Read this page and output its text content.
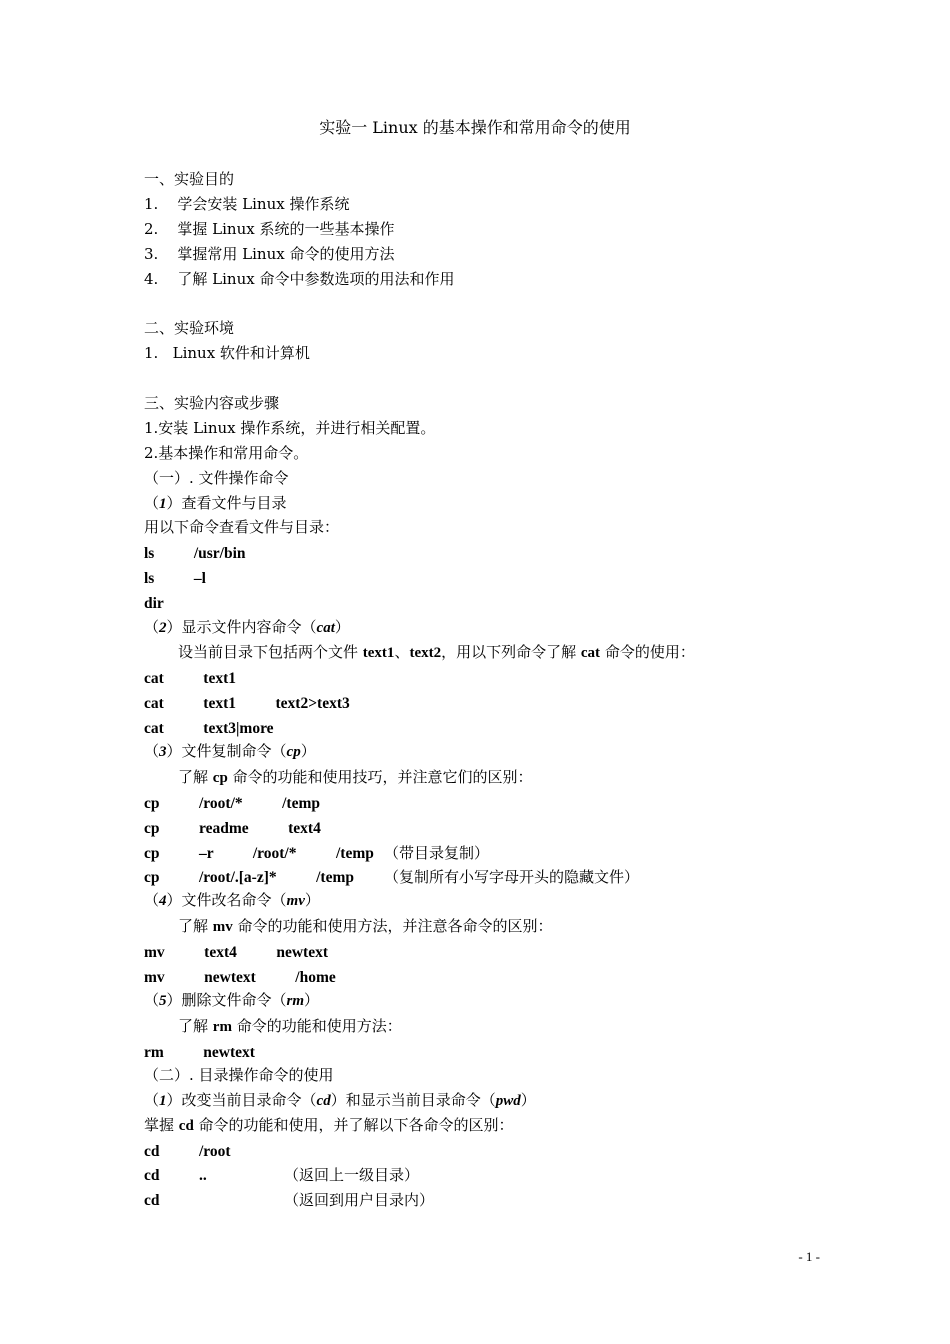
实验一 Linux 的基本操作和常用命令的使用
一、实验目的
1.    学会安装 Linux 操作系统
2.    掌握 Linux 系统的一些基本操作
3.    掌握常用 Linux 命令的使用方法
4.    了解 Linux 命令中参数选项的用法和作用
二、实验环境
1.   Linux 软件和计算机
三、实验内容或步骤
1.安装 Linux 操作系统，并进行相关配置。
2.基本操作和常用命令。
（一）. 文件操作命令
（1）查看文件与目录
用以下命令查看文件与目录：
ls    /usr/bin
ls    –l
dir
（2）显示文件内容命令（cat）
设当前目录下包括两个文件 text1、text2，用以下列命令了解 cat 命令的使用：
cat    text1
cat    text1    text2>text3
cat    text3|more
（3）文件复制命令（cp）
了解 cp 命令的功能和使用技巧，并注意它们的区别：
cp    /root/*    /temp
cp    readme    text4
cp    –r    /root/*    /temp （带目录复制）
cp    /root/.[a-z]*    /temp （复制所有小写字母开头的隐藏文件）
（4）文件改名命令（mv）
了解 mv 命令的功能和使用方法，并注意各命令的区别：
mv    text4    newtext
mv    newtext    /home
（5）删除文件命令（rm）
了解 rm 命令的功能和使用方法：
rm    newtext
（二）. 目录操作命令的使用
（1）改变当前目录命令（cd）和显示当前目录命令（pwd）
掌握 cd 命令的功能和使用，并了解以下各命令的区别：
cd    /root
cd    ..	（返回上一级目录）
cd	（返回到用户目录内）
- 1 -
